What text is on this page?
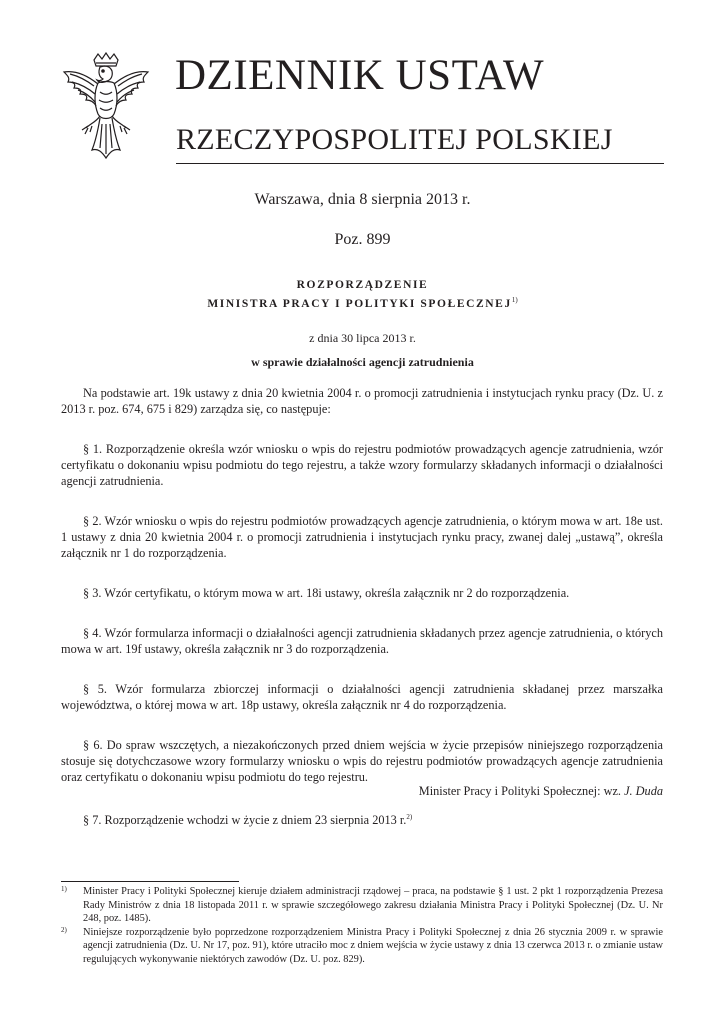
DZIENNIK USTAW
RZECZYPOSPOLITEJ POLSKIEJ
Warszawa, dnia 8 sierpnia 2013 r.
Poz. 899
ROZPORZĄDZENIE
MINISTRA PRACY I POLITYKI SPOŁECZNEJ$^{1)}$
z dnia 30 lipca 2013 r.
w sprawie działalności agencji zatrudnienia

Na podstawie art. 19k ustawy z dnia 20 kwietnia 2004 r. o promocji zatrudnienia i instytucjach rynku pracy (Dz. U. z 2013 r. poz. 674, 675 i 829) zarządza się, co następuje:

§ 1. Rozporządzenie określa wzór wniosku o wpis do rejestru podmiotów prowadzących agencje zatrudnienia, wzór certyfikatu o dokonaniu wpisu podmiotu do tego rejestru, a także wzory formularzy składanych informacji o działalności agencji zatrudnienia.

§ 2. Wzór wniosku o wpis do rejestru podmiotów prowadzących agencje zatrudnienia, o którym mowa w art. 18e ust. 1 ustawy z dnia 20 kwietnia 2004 r. o promocji zatrudnienia i instytucjach rynku pracy, zwanej dalej „ustawą”, określa załącznik nr 1 do rozporządzenia.

§ 3. Wzór certyfikatu, o którym mowa w art. 18i ustawy, określa załącznik nr 2 do rozporządzenia.

§ 4. Wzór formularza informacji o działalności agencji zatrudnienia składanych przez agencje zatrudnienia, o których mowa w art. 19f ustawy, określa załącznik nr 3 do rozporządzenia.

§ 5. Wzór formularza zbiorczej informacji o działalności agencji zatrudnienia składanej przez marszałka województwa, o której mowa w art. 18p ustawy, określa załącznik nr 4 do rozporządzenia.

§ 6. Do spraw wszczętych, a niezakończonych przed dniem wejścia w życie przepisów niniejszego rozporządzenia stosuje się dotychczasowe wzory formularzy wniosku o wpis do rejestru podmiotów prowadzących agencje zatrudnienia oraz certyfikatu o dokonaniu wpisu podmiotu do tego rejestru.

§ 7. Rozporządzenie wchodzi w życie z dniem 23 sierpnia 2013 r.$^{2)}$

Minister Pracy i Polityki Społecznej: wz. J. Duda
1) Minister Pracy i Polityki Społecznej kieruje działem administracji rządowej – praca, na podstawie § 1 ust. 2 pkt 1 rozporządzenia Prezesa Rady Ministrów z dnia 18 listopada 2011 r. w sprawie szczegółowego zakresu działania Ministra Pracy i Polityki Społecznej (Dz. U. Nr 248, poz. 1485).
2) Niniejsze rozporządzenie było poprzedzone rozporządzeniem Ministra Pracy i Polityki Społecznej z dnia 26 stycznia 2009 r. w sprawie agencji zatrudnienia (Dz. U. Nr 17, poz. 91), które utraciło moc z dniem wejścia w życie ustawy z dnia 13 czerwca 2013 r. o zmianie ustaw regulujących wykonywanie niektórych zawodów (Dz. U. poz. 829).
